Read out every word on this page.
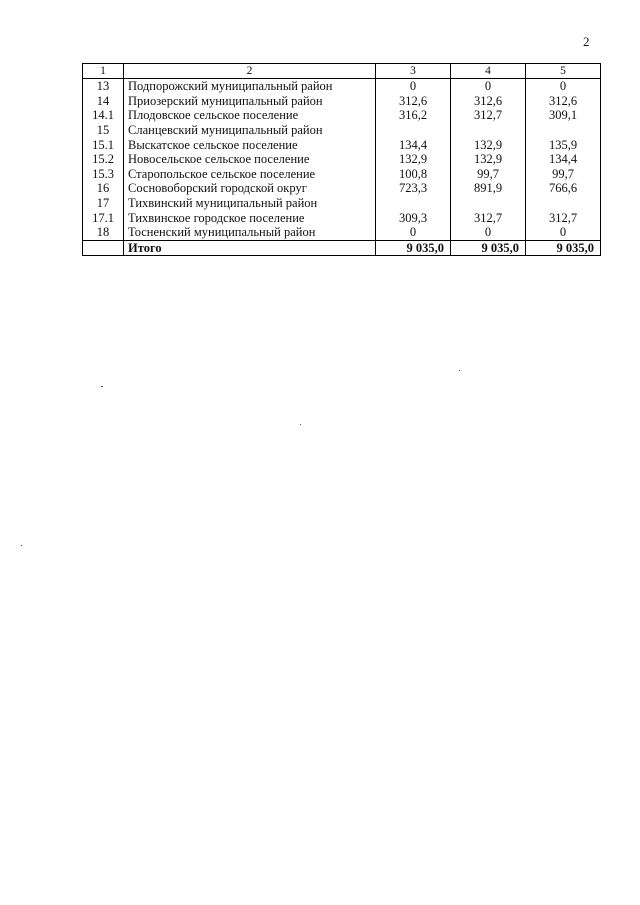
2
1	2	3	4	5
13	Подпорожский муниципальный район	0	0	0
14	Приозерский муниципальный район	312,6	312,6	312,6
14.1	Плодовское сельское поселение	316,2	312,7	309,1
15	Сланцевский муниципальный район			
15.1	Выскатское сельское поселение	134,4	132,9	135,9
15.2	Новосельское сельское поселение	132,9	132,9	134,4
15.3	Старопольское сельское поселение	100,8	99,7	99,7
16	Сосновоборский городской округ	723,3	891,9	766,6
17	Тихвинский муниципальный район			
17.1	Тихвинское городское поселение	309,3	312,7	312,7
18	Тосненский муниципальный район	0	0	0
	Итого	9 035,0	9 035,0	9 035,0
